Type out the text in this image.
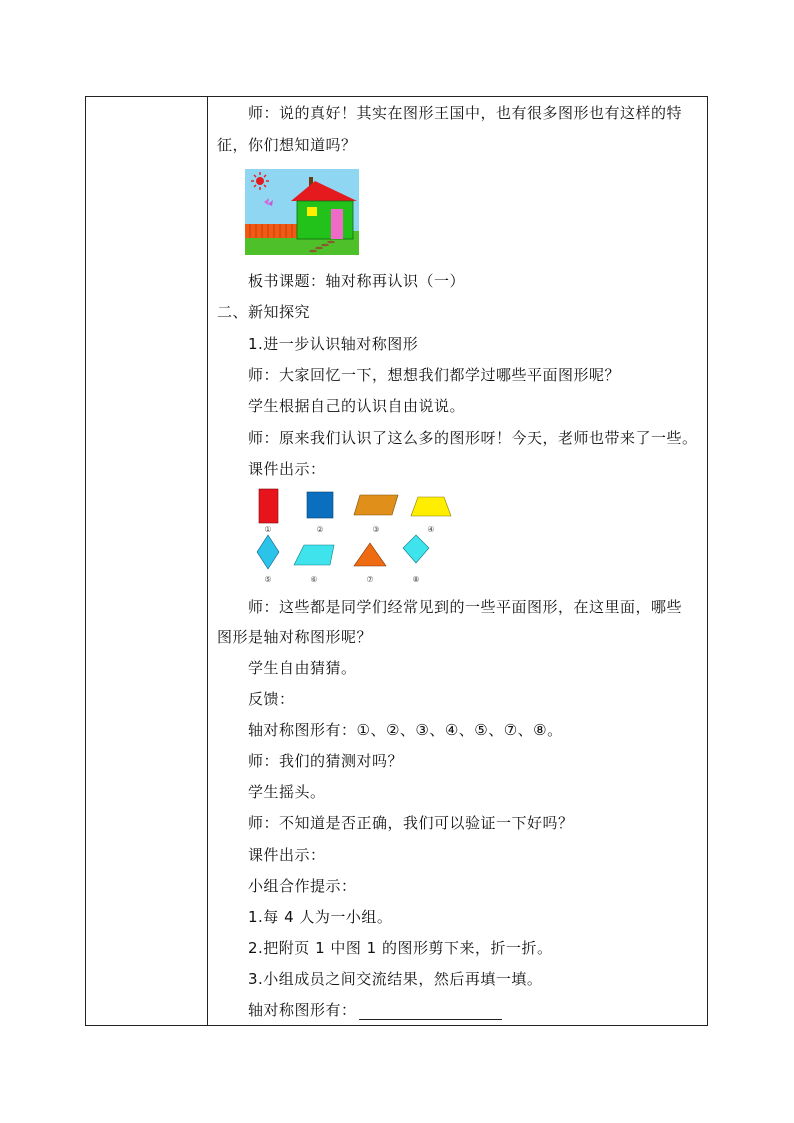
师：说的真好！其实在图形王国中，也有很多图形也有这样的特
征，你们想知道吗？
板书课题：轴对称再认识（一）
二、新知探究
1.进一步认识轴对称图形
师：大家回忆一下，想想我们都学过哪些平面图形呢？
学生根据自己的认识自由说说。
师：原来我们认识了这么多的图形呀！今天，老师也带来了一些。
课件出示：
①	②	③	④
⑤	⑥	⑦	⑧
师：这些都是同学们经常见到的一些平面图形，在这里面，哪些
图形是轴对称图形呢？
学生自由猜猜。
反馈：
轴对称图形有：①、②、③、④、⑤、⑦、⑧。
师：我们的猜测对吗？
学生摇头。
师：不知道是否正确，我们可以验证一下好吗？
课件出示：
小组合作提示：
1.每 4 人为一小组。
2.把附页 1 中图 1 的图形剪下来，折一折。
3.小组成员之间交流结果，然后再填一填。
轴对称图形有：
